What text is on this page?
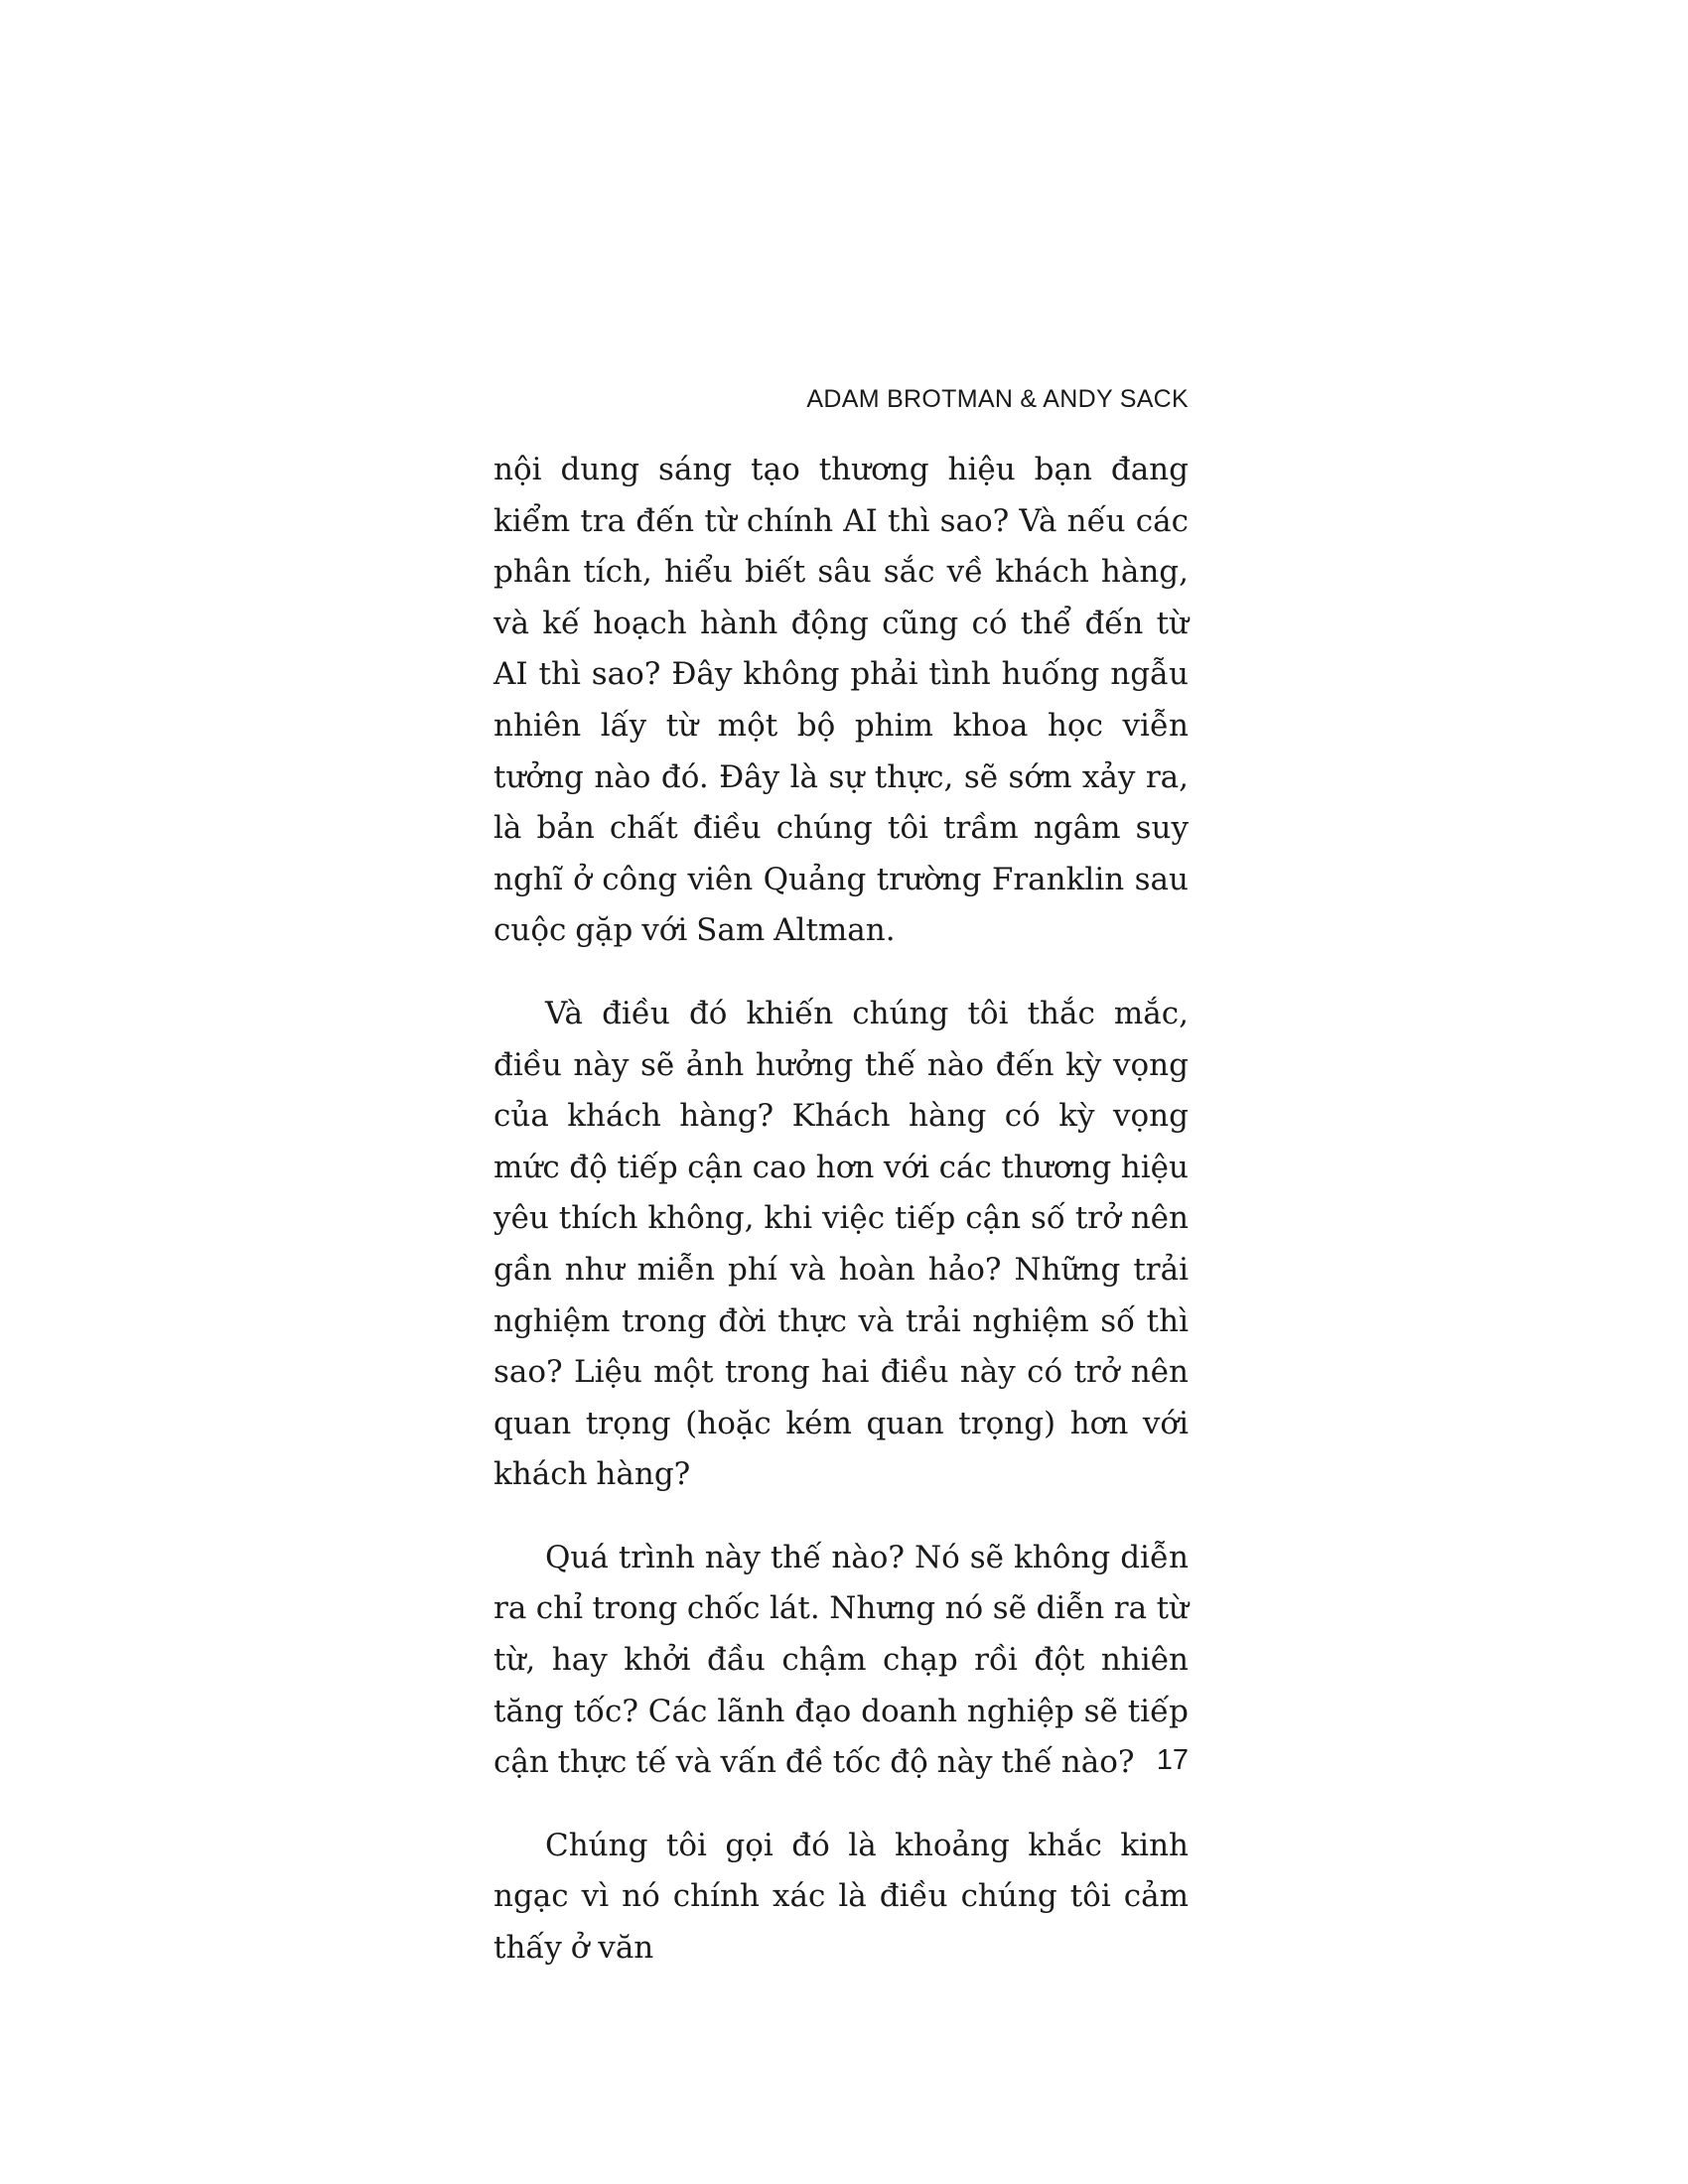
ADAM BROTMAN & ANDY SACK

nội dung sáng tạo thương hiệu bạn đang kiểm tra đến từ chính AI thì sao? Và nếu các phân tích, hiểu biết sâu sắc về khách hàng, và kế hoạch hành động cũng có thể đến từ AI thì sao? Đây không phải tình huống ngẫu nhiên lấy từ một bộ phim khoa học viễn tưởng nào đó. Đây là sự thực, sẽ sớm xảy ra, là bản chất điều chúng tôi trầm ngâm suy nghĩ ở công viên Quảng trường Franklin sau cuộc gặp với Sam Altman.

Và điều đó khiến chúng tôi thắc mắc, điều này sẽ ảnh hưởng thế nào đến kỳ vọng của khách hàng? Khách hàng có kỳ vọng mức độ tiếp cận cao hơn với các thương hiệu yêu thích không, khi việc tiếp cận số trở nên gần như miễn phí và hoàn hảo? Những trải nghiệm trong đời thực và trải nghiệm số thì sao? Liệu một trong hai điều này có trở nên quan trọng (hoặc kém quan trọng) hơn với khách hàng?

Quá trình này thế nào? Nó sẽ không diễn ra chỉ trong chốc lát. Nhưng nó sẽ diễn ra từ từ, hay khởi đầu chậm chạp rồi đột nhiên tăng tốc? Các lãnh đạo doanh nghiệp sẽ tiếp cận thực tế và vấn đề tốc độ này thế nào?

Chúng tôi gọi đó là khoảng khắc kinh ngạc vì nó chính xác là điều chúng tôi cảm thấy ở văn

17
